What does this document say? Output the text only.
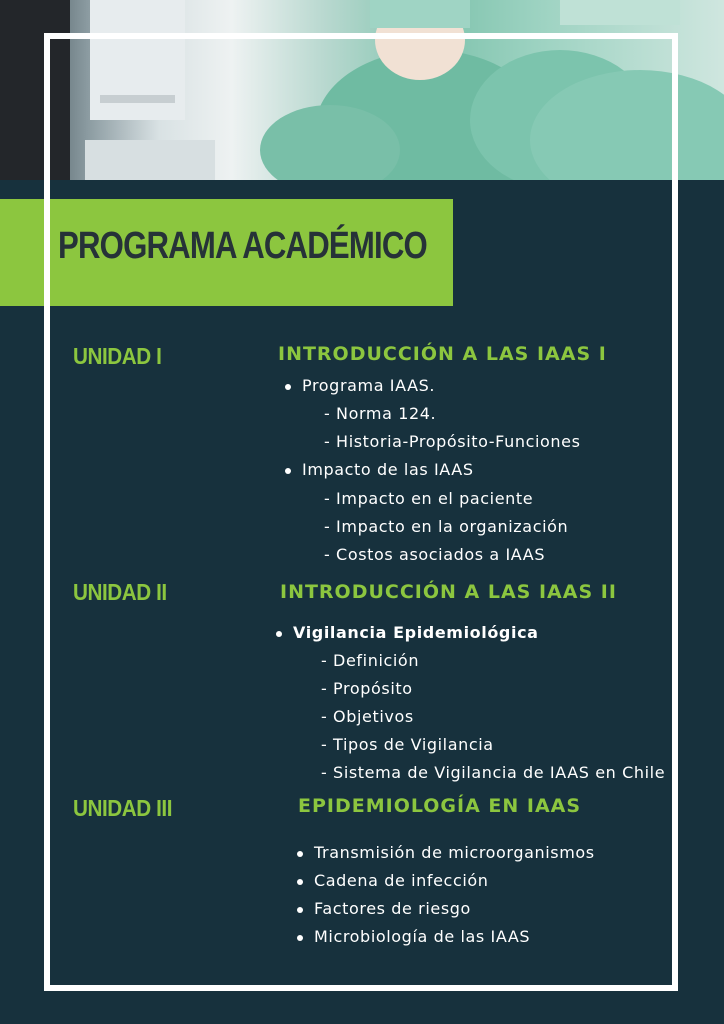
PROGRAMA ACADÉMICO
UNIDAD I	INTRODUCCIÓN A LAS IAAS I
Programa IAAS.
- Norma 124.
- Historia-Propósito-Funciones
Impacto de las IAAS
- Impacto en el paciente
- Impacto en la organización
- Costos asociados a IAAS
UNIDAD II	INTRODUCCIÓN A LAS IAAS II
Vigilancia Epidemiológica
- Definición
- Propósito
- Objetivos
- Tipos de Vigilancia
- Sistema de Vigilancia de IAAS en Chile
UNIDAD III	EPIDEMIOLOGÍA EN IAAS
Transmisión de microorganismos
Cadena de infección
Factores de riesgo
Microbiología de las IAAS
